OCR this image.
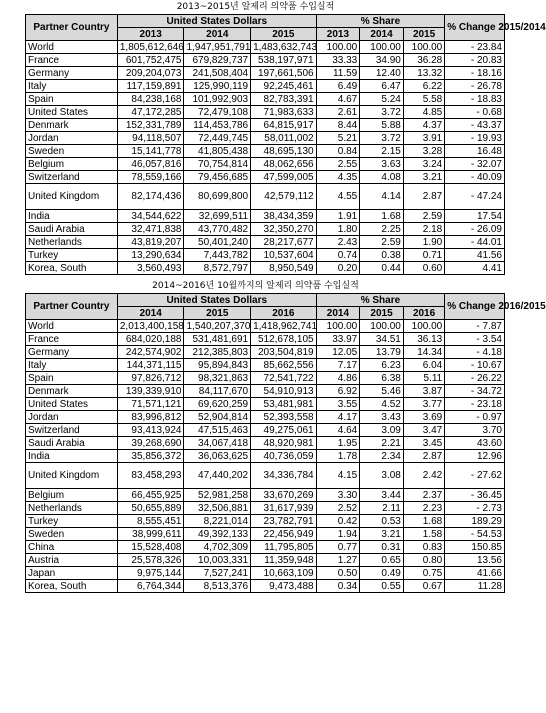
2013~2015년 알제리 의약품 수입실적
Partner Country	United States Dollars			% Share			% Change 2015/2014
	2013	2014	2015	2013	2014	2015	
World	1,805,612,646	1,947,951,791	1,483,632,743	100.00	100.00	100.00	- 23.84
France	601,752,475	679,829,737	538,197,971	33.33	34.90	36.28	- 20.83
Germany	209,204,073	241,508,404	197,661,506	11.59	12.40	13.32	- 18.16
Italy	117,159,891	125,990,119	92,245,461	6.49	6.47	6.22	- 26.78
Spain	84,238,168	101,992,903	82,783,391	4.67	5.24	5.58	- 18.83
United States	47,172,285	72,479,108	71,983,633	2.61	3.72	4.85	- 0.68
Denmark	152,331,789	114,453,786	64,815,917	8.44	5.88	4.37	- 43.37
Jordan	94,118,507	72,449,745	58,011,002	5.21	3.72	3.91	- 19.93
Sweden	15,141,778	41,805,438	48,695,130	0.84	2.15	3.28	16.48
Belgium	46,057,816	70,754,814	48,062,656	2.55	3.63	3.24	- 32.07
Switzerland	78,559,166	79,456,685	47,599,005	4.35	4.08	3.21	- 40.09
United Kingdom	82,174,436	80,699,800	42,579,112	4.55	4.14	2.87	- 47.24
India	34,544,622	32,699,511	38,434,359	1.91	1.68	2.59	17.54
Saudi Arabia	32,471,838	43,770,482	32,350,270	1.80	2.25	2.18	- 26.09
Netherlands	43,819,207	50,401,240	28,217,677	2.43	2.59	1.90	- 44.01
Turkey	13,290,634	7,443,782	10,537,604	0.74	0.38	0.71	41.56
Korea, South	3,560,493	8,572,797	8,950,549	0.20	0.44	0.60	4.41
2014~2016년 10월까지의 알제리 의약품 수입실적
Partner Country	United States Dollars			% Share			% Change 2016/2015
	2014	2015	2016	2014	2015	2016	
World	2,013,400,158	1,540,207,370	1,418,962,741	100.00	100.00	100.00	- 7.87
France	684,020,188	531,481,691	512,678,105	33.97	34.51	36.13	- 3.54
Germany	242,574,902	212,385,803	203,504,819	12.05	13.79	14.34	- 4.18
Italy	144,371,115	95,894,843	85,662,556	7.17	6.23	6.04	- 10.67
Spain	97,826,712	98,321,863	72,541,722	4.86	6.38	5.11	- 26.22
Denmark	139,339,910	84,117,670	54,910,913	6.92	5.46	3.87	- 34.72
United States	71,571,121	69,620,259	53,481,981	3.55	4.52	3.77	- 23.18
Jordan	83,996,812	52,904,814	52,393,558	4.17	3.43	3.69	- 0.97
Switzerland	93,413,924	47,515,463	49,275,061	4.64	3.09	3.47	3.70
Saudi Arabia	39,268,690	34,067,418	48,920,981	1.95	2.21	3.45	43.60
India	35,856,372	36,063,625	40,736,059	1.78	2.34	2.87	12.96
United Kingdom	83,458,293	47,440,202	34,336,784	4.15	3.08	2.42	- 27.62
Belgium	66,455,925	52,981,258	33,670,269	3.30	3.44	2.37	- 36.45
Netherlands	50,655,889	32,506,881	31,617,939	2.52	2.11	2.23	- 2.73
Turkey	8,555,451	8,221,014	23,782,791	0.42	0.53	1.68	189.29
Sweden	38,999,611	49,392,133	22,456,949	1.94	3.21	1.58	- 54.53
China	15,528,408	4,702,309	11,795,805	0.77	0.31	0.83	150.85
Austria	25,578,326	10,003,331	11,359,948	1.27	0.65	0.80	13.56
Japan	9,975,144	7,527,241	10,663,109	0.50	0.49	0.75	41.66
Korea, South	6,764,344	8,513,376	9,473,488	0.34	0.55	0.67	11.28
